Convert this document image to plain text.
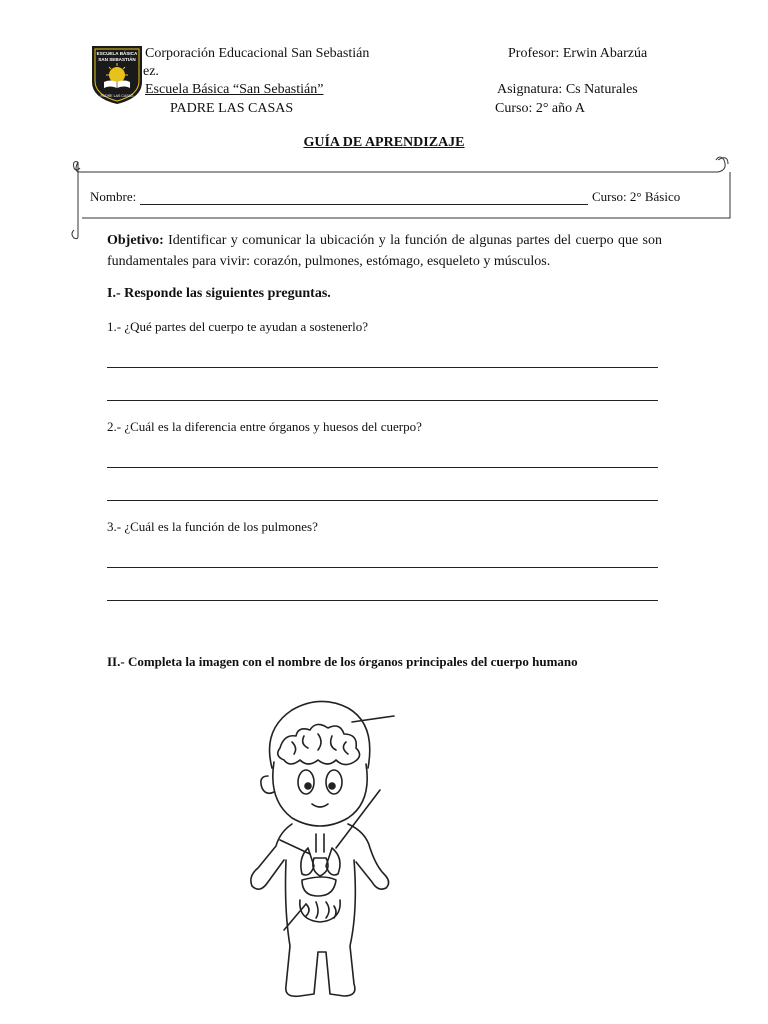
ESCUELA BÁSICA
SAN SEBASTIÁN
PADRE LAS CASAS
Corporación Educacional San Sebastián
ez.
Escuela Básica “San Sebastián”
PADRE LAS CASAS
Profesor: Erwin Abarzúa
Asignatura: Cs Naturales
Curso: 2° año A
GUÍA DE APRENDIZAJE
Nombre:	Curso: 2° Básico
Objetivo: Identificar y comunicar la ubicación y la función de algunas partes del cuerpo que son fundamentales para vivir: corazón, pulmones, estómago, esqueleto y músculos.
I.- Responde las siguientes preguntas.
1.- ¿Qué partes del cuerpo te ayudan a sostenerlo?
2.- ¿Cuál es la diferencia entre órganos y huesos del cuerpo?
3.- ¿Cuál es la función de los pulmones?
II.- Completa la imagen con el nombre de los órganos principales del cuerpo humano
